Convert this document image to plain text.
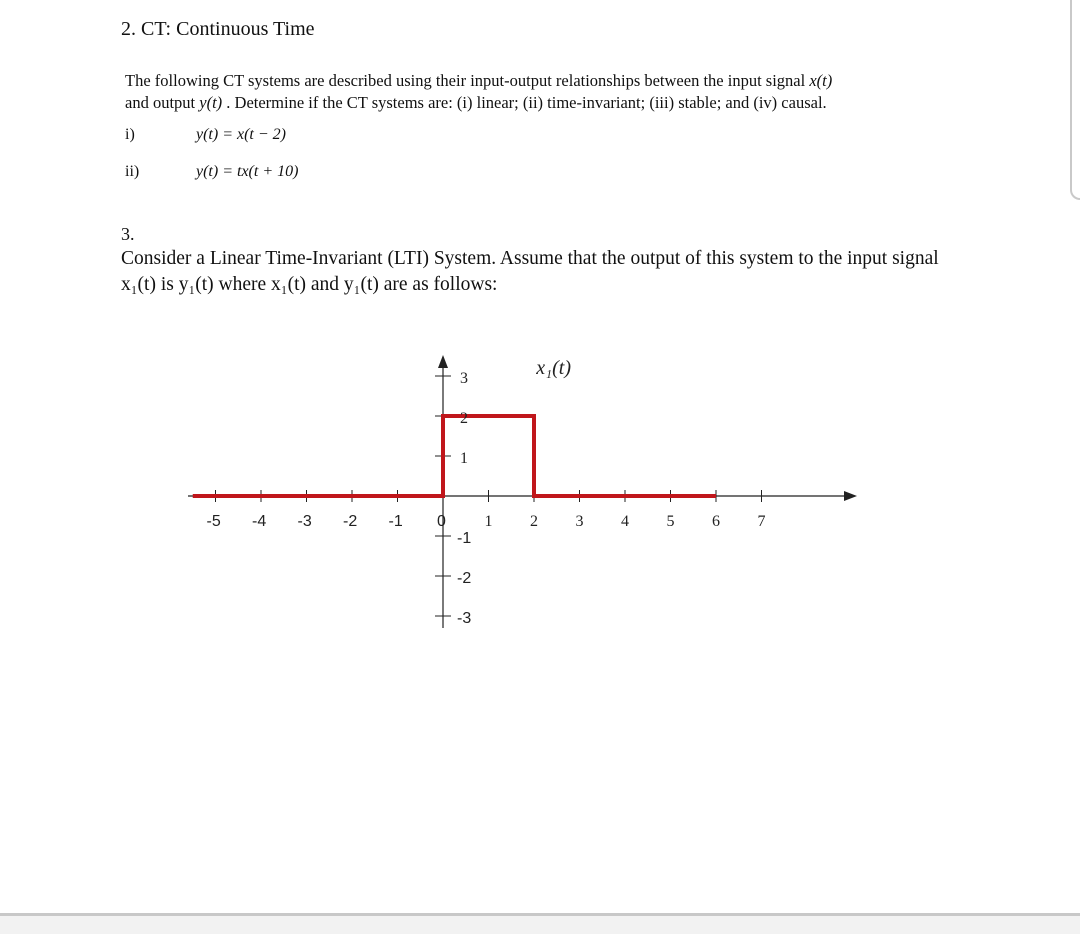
2. CT: Continuous Time
The following CT systems are described using their input-output relationships between the input signal x(t)
and output y(t) . Determine if the CT systems are: (i) linear; (ii) time-invariant; (iii) stable; and (iv) causal.
i)	y(t) = x(t − 2)
ii)	y(t) = tx(t + 10)
3.
Consider a Linear Time-Invariant (LTI) System. Assume that the output of this system to the input signal x₁(t) is y₁(t) where x₁(t) and y₁(t) are as follows:
-5 -4 -3 -2 -1 0 1 2 3 4 5 6 7
3
2
1
-1
-2
-3
x₁(t)
